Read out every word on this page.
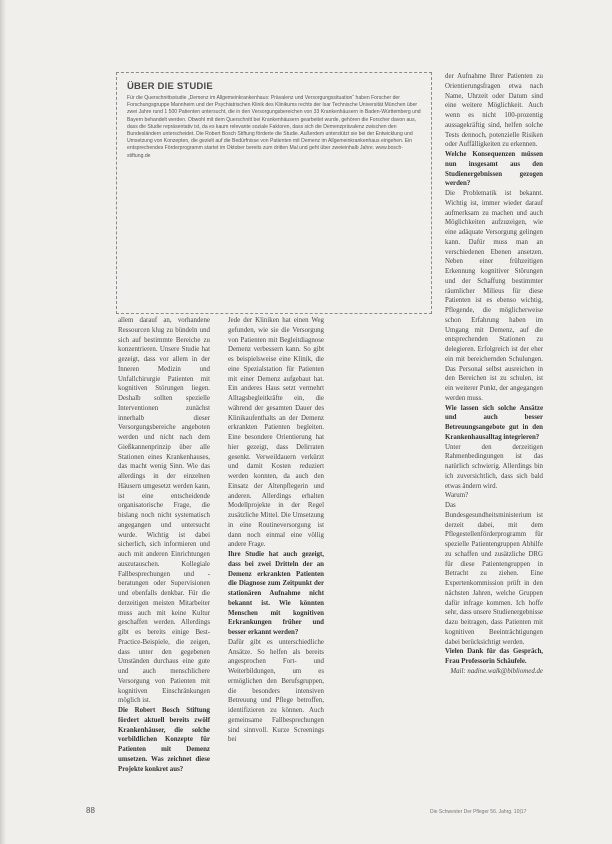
ÜBER DIE STUDIE
Für die Querschnittsstudie „Demenz im Allgemeinkrankenhaus: Prävalenz und Versorgungssituation“ haben Forscher der Forschungsgruppe Mannheim und der Psychiatrischen Klinik des Klinikums rechts der Isar Technische Universität München über zwei Jahre rund 1 500 Patienten untersucht, die in den Versorgungsbereichen von 33 Krankenhäusern in Baden-Württemberg und Bayern behandelt werden. Obwohl mit dem Querschnitt bei Krankenhäusern gearbeitet wurde, gehören die Forscher davon aus, dass die Studie repräsentativ ist, da es kaum relevante soziale Faktoren, dass sich die Demenzprävalenz zwischen den Bundesländern unterscheidet. Die Robert Bosch Stiftung förderte die Studie. Außerdem unterstützt sie bei der Entwicklung und Umsetzung von Konzepten, die gezielt auf die Bedürfnisse von Patienten mit Demenz im Allgemeinkrankenhaus eingehen. Ein entsprechendes Förderprogramm startet im Oktober bereits zum dritten Mal und geht über zweieinhalb Jahre. www.bosch-stiftung.de

allem darauf an, vorhandene Ressourcen klug zu bündeln und sich auf bestimmte Bereiche zu konzentrieren. Unsere Studie hat gezeigt, dass vor allem in der Inneren Medizin und Unfallchirurgie Patienten mit kognitiven Störungen liegen. Deshalb sollten spezielle Interventionen zunächst innerhalb dieser Versorgungsbereiche angeboten werden und nicht nach dem Gießkannenprinzip über alle Stationen eines Krankenhauses, das macht wenig Sinn. Wie das allerdings in der einzelnen Häusern umgesetzt werden kann, ist eine entscheidende organisatorische Frage, die bislang noch nicht systematisch angegangen und untersucht wurde. Wichtig ist dabei sicherlich, sich informieren und auch mit anderen Einrichtungen auszutauschen. Kollegiale Fallbesprechungen und -beratungen oder Supervisionen und ebenfalls denkbar. Für die derzeitigen meisten Mitarbeiter muss auch mit keine Kultur geschaffen werden. Allerdings gibt es bereits einige Best-Practice-Beispiele, die zeigen, dass unter den gegebenen Umständen durchaus eine gute und auch menschlichere Versorgung von Patienten mit kognitiven Einschränkungen möglich ist.

Die Robert Bosch Stiftung fördert aktuell bereits zwölf Krankenhäuser, die solche vorbildlichen Konzepte für Patienten mit Demenz umsetzen. Was zeichnet diese Projekte konkret aus?

Jede der Kliniken hat einen Weg gefunden, wie sie die Versorgung von Patienten mit Begleitdiagnose Demenz verbessern kann. So gibt es beispielsweise eine Klinik, die eine Spezialstation für Patienten mit einer Demenz aufgebaut hat. Ein anderes Haus setzt vermehrt Alltagsbegleitkräfte ein, die während der gesamten Dauer des Klinikaufenthalts an der Demenz erkrankten Patienten begleiten. Eine besondere Orientierung hat hier gezeigt, dass Delirraten gesenkt. Verweildauern verkürzt und damit Kosten reduziert werden konnten, da auch den Einsatz der Altenpflegerin und anderen. Allerdings erhalten Modellprojekte in der Regel zusätzliche Mittel. Die Umsetzung in eine Routineversorgung ist dann noch einmal eine völlig andere Frage.

Ihre Studie hat auch gezeigt, dass bei zwei Dritteln der an Demenz erkrankten Patienten die Diagnose zum Zeitpunkt der stationären Aufnahme nicht bekannt ist. Wie könnten Menschen mit kognitiven Erkrankungen früher und besser erkannt werden?

Dafür gibt es unterschiedliche Ansätze. So helfen als bereits angesprochen Fort- und Weiterbildungen, um es ermöglichen den Berufsgruppen, die besonders intensiven Betreuung und Pflege betroffen, identifizieren zu können. Auch gemeinsame Fallbesprechungen sind sinnvoll. Kurze Screenings bei

der Aufnahme Ihrer Patienten zu Orientierungsfragen etwa nach Name, Uhrzeit oder Datum sind eine weitere Möglichkeit. Auch wenn es nicht 100-prozentig aussagekräftig sind, helfen solche Tests dennoch, potenzielle Risiken oder Auffälligkeiten zu erkennen.

Welche Konsequenzen müssen nun insgesamt aus den Studienergebnissen gezogen werden?

Die Problematik ist bekannt. Wichtig ist, immer wieder darauf aufmerksam zu machen und auch Möglichkeiten aufzuzeigen, wie eine adäquate Versorgung gelingen kann. Dafür muss man an verschiedenen Ebenen ansetzen. Neben einer frühzeitigen Erkennung kognitiver Störungen und der Schaffung bestimmter räumlicher Milieus für diese Patienten ist es ebenso wichtig, Pflegende, die möglicherweise schon Erfahrung haben im Umgang mit Demenz, auf die entsprechenden Stationen zu delegieren. Erfolgreich ist der eher ein mit bereichernden Schulungen. Das Personal selbst ausreichen in den Bereichen ist zu schulen, ist ein weiterer Punkt, der angegangen werden muss.

Wie lassen sich solche Ansätze und auch besser Betreuungsangebote gut in den Krankenhausalltag integrieren?

Unter den derzeitigen Rahmenbedingungen ist das natürlich schwierig. Allerdings bin ich zuversichtlich, dass sich bald etwas ändern wird.

Warum?

Das Bundesgesundheitsministerium ist derzeit dabei, mit dem Pflegestellenförderprogramm für spezielle Patientengruppen Abhilfe zu schaffen und zusätzliche DRG für diese Patientengruppen in Betracht zu ziehen. Eine Expertenkommission prüft in den nächsten Jahren, welche Gruppen dafür infrage kommen. Ich hoffe sehr, dass unsere Studienergebnisse dazu beitragen, dass Patienten mit kognitiven Beeinträchtigungen dabei berücksichtigt werden.

Vielen Dank für das Gespräch, Frau Professorin Schäufele.

Mail: nadine.walk@bibliomed.de

88	Die Schwester Der Pfleger 56. Jahrg. 10|17
